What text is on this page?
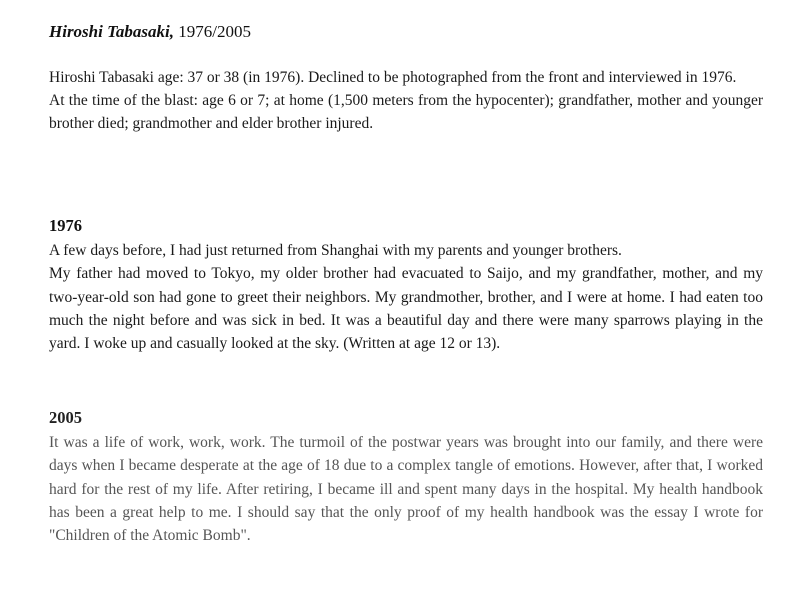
Hiroshi Tabasaki, 1976/2005

Hiroshi Tabasaki age: 37 or 38 (in 1976). Declined to be photographed from the front and interviewed in 1976.

At the time of the blast: age 6 or 7; at home (1,500 meters from the hypocenter); grandfather, mother and younger brother died; grandmother and elder brother injured.

1976

A few days before, I had just returned from Shanghai with my parents and younger brothers.

My father had moved to Tokyo, my older brother had evacuated to Saijo, and my grandfather, mother, and my two-year-old son had gone to greet their neighbors. My grandmother, brother, and I were at home. I had eaten too much the night before and was sick in bed. It was a beautiful day and there were many sparrows playing in the yard. I woke up and casually looked at the sky. (Written at age 12 or 13).

2005

It was a life of work, work, work. The turmoil of the postwar years was brought into our family, and there were days when I became desperate at the age of 18 due to a complex tangle of emotions. However, after that, I worked hard for the rest of my life. After retiring, I became ill and spent many days in the hospital. My health handbook has been a great help to me. I should say that the only proof of my health handbook was the essay I wrote for "Children of the Atomic Bomb".
